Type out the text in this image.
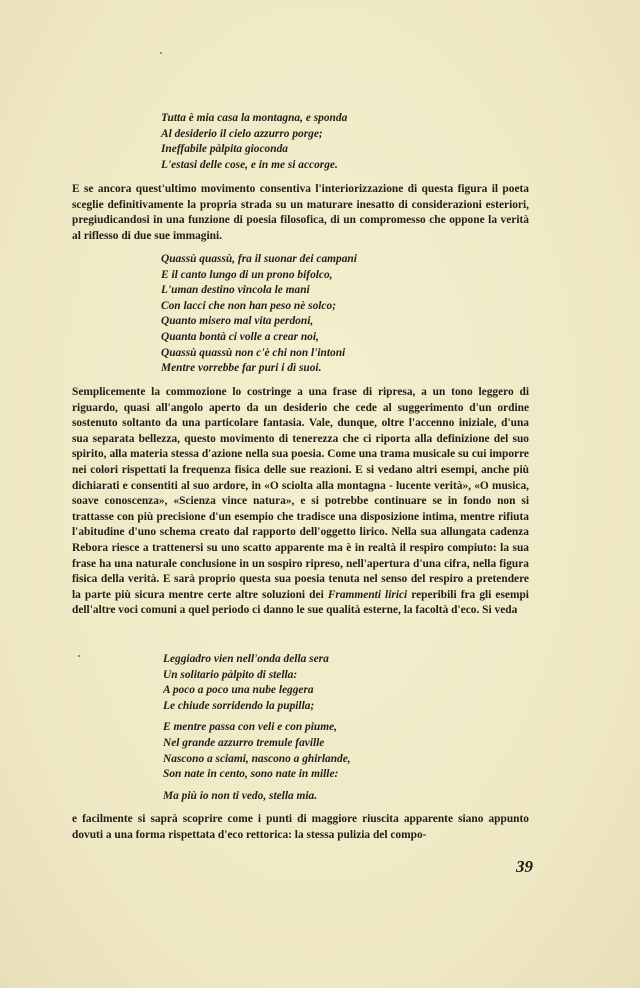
Tutta è mia casa la montagna, e sponda
Al desiderio il cielo azzurro porge;
Ineffabile pàlpita gioconda
L'estasi delle cose, e in me si accorge.
E se ancora quest'ultimo movimento consentiva l'interiorizzazione di questa figura il poeta sceglie definitivamente la propria strada su un maturare inesatto di considerazioni esteriori, pregiudicandosi in una funzione di poesia filosofica, di un compromesso che oppone la verità al riflesso di due sue immagini.
Quassù quassù, fra il suonar dei campani
E il canto lungo di un prono bifolco,
L'uman destino vincola le mani
Con lacci che non han peso nè solco;
Quanto misero mal vita perdoni,
Quanta bontà ci volle a crear noi,
Quassù quassù non c'è chi non l'intoni
Mentre vorrebbe far puri i dì suoi.
Semplicemente la commozione lo costringe a una frase di ripresa, a un tono leggero di riguardo, quasi all'angolo aperto da un desiderio che cede al suggerimento d'un ordine sostenuto soltanto da una particolare fantasia. Vale, dunque, oltre l'accenno iniziale, d'una sua separata bellezza, questo movimento di tenerezza che ci riporta alla definizione del suo spirito, alla materia stessa d'azione nella sua poesia. Come una trama musicale su cui imporre nei colori rispettati la frequenza fisica delle sue reazioni. E si vedano altri esempi, anche più dichiarati e consentiti al suo ardore, in «O sciolta alla montagna - lucente verità», «O musica, soave conoscenza», «Scienza vince natura», e si potrebbe continuare se in fondo non si trattasse con più precisione d'un esempio che tradisce una disposizione intima, mentre rifiuta l'abitudine d'uno schema creato dal rapporto dell'oggetto lirico. Nella sua allungata cadenza Rebora riesce a trattenersi su uno scatto apparente ma è in realtà il respiro compiuto: la sua frase ha una naturale conclusione in un sospiro ripreso, nell'apertura d'una cifra, nella figura fisica della verità. E sarà proprio questa sua poesia tenuta nel senso del respiro a pretendere la parte più sicura mentre certe altre soluzioni dei Frammenti lirici reperibili fra gli esempi dell'altre voci comuni a quel periodo ci danno le sue qualità esterne, la facoltà d'eco. Si veda
Leggiadro vien nell'onda della sera
Un solitario pàlpito di stella:
A poco a poco una nube leggera
Le chiude sorridendo la pupilla;
E mentre passa con veli e con piume,
Nel grande azzurro tremule faville
Nascono a sciami, nascono a ghirlande,
Son nate in cento, sono nate in mille:
Ma più io non ti vedo, stella mia.
e facilmente si saprà scoprire come i punti di maggiore riuscita apparente siano appunto dovuti a una forma rispettata d'eco rettorica: la stessa pulizia del compo-
39
